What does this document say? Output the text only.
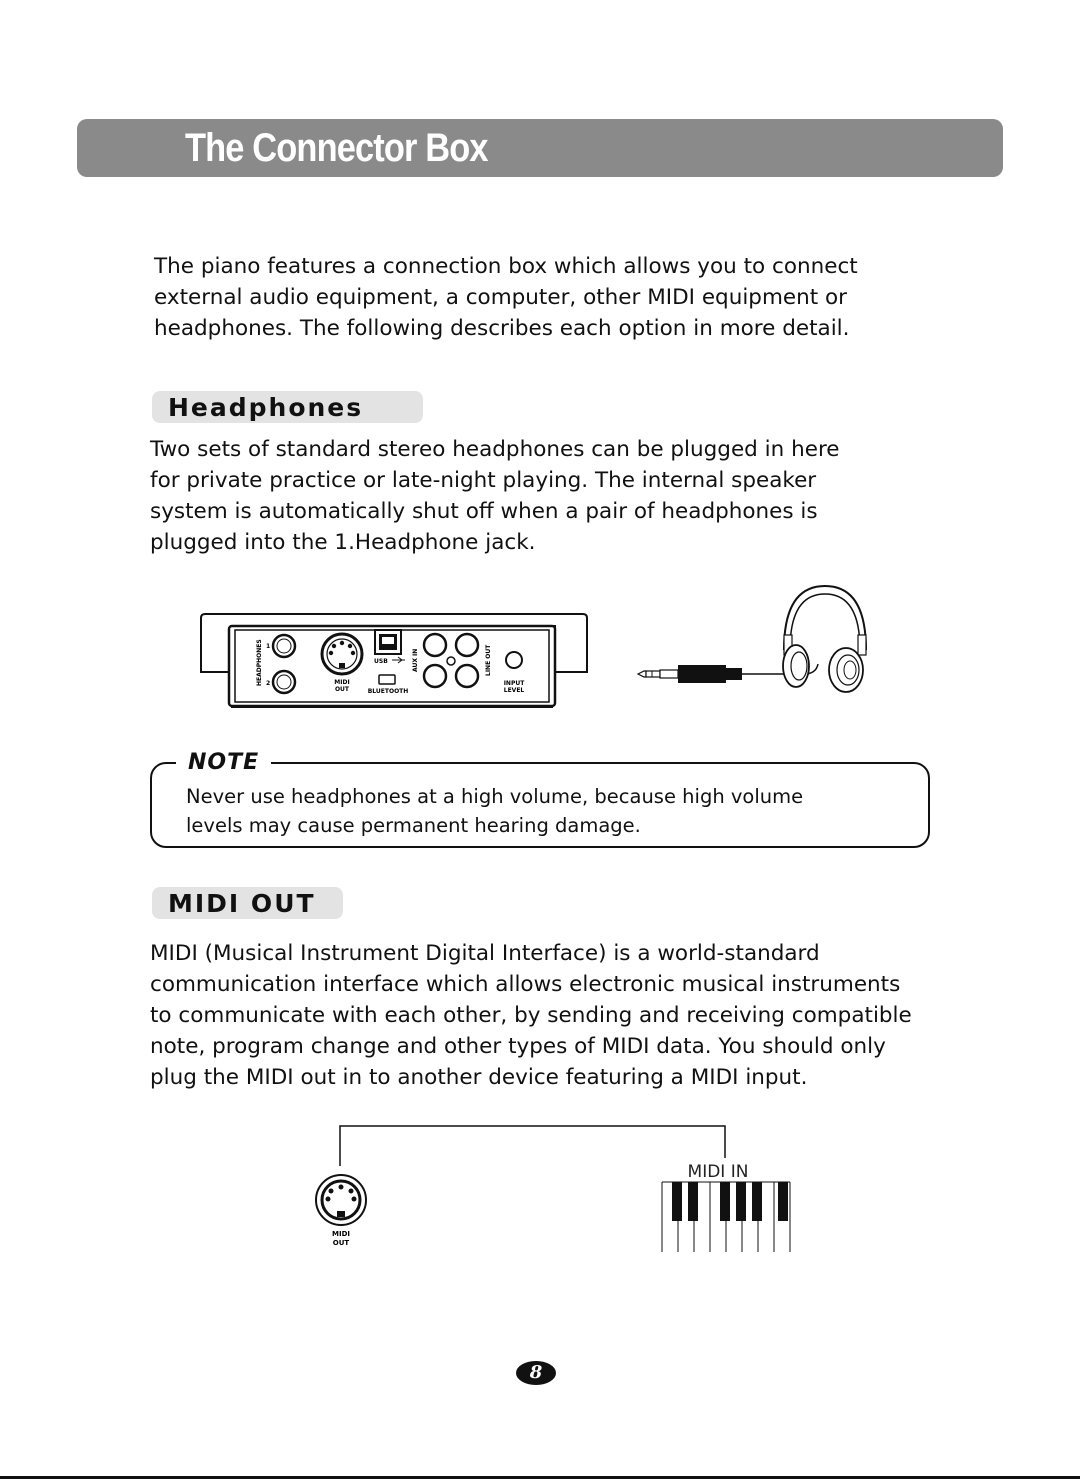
The Connector Box

The piano features a connection box which allows you to connect

external audio equipment, a computer, other MIDI equipment or

headphones. The following describes each option in more detail.

Headphones

Two sets of standard stereo headphones can be plugged in here

for private practice or late-night playing. The internal speaker

system is automatically shut off when a pair of headphones is

plugged into the 1.Headphone jack.

HEADPHONES 1
2	MIDI
OUT
USB
BLUETOOTH
AUX IN	LINE OUT
INPUT
LEVEL
NOTE

Never use headphones at a high volume, because high volume

levels may cause permanent hearing damage.

MIDI OUT

MIDI (Musical Instrument Digital Interface) is a world-standard

communication interface which allows electronic musical instruments

to communicate with each other, by sending and receiving compatible

note, program change and other types of MIDI data. You should only

plug the MIDI out in to another device featuring a MIDI input.

MIDI
OUT
MIDI IN
8
